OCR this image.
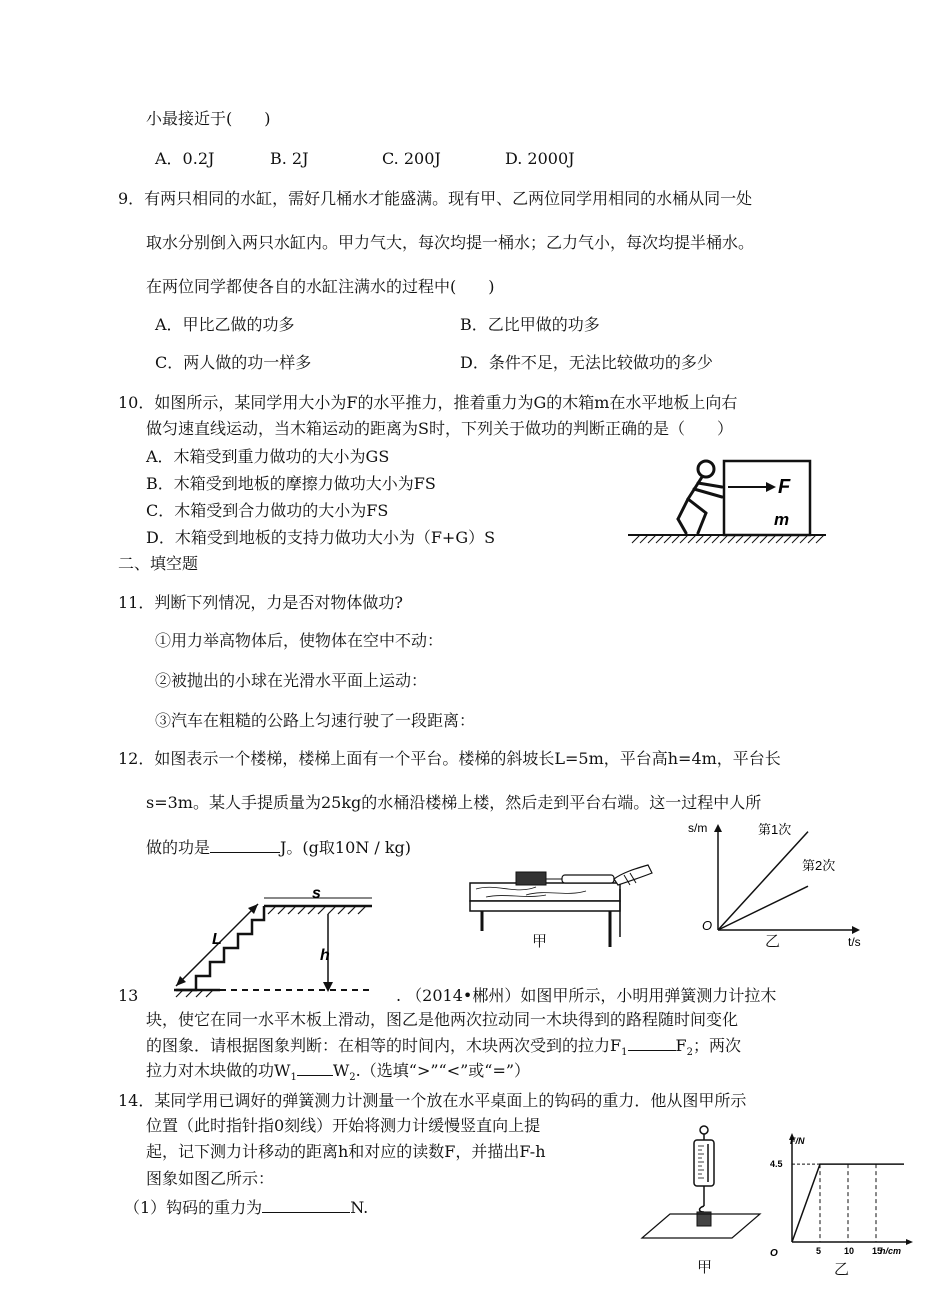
小最接近于(　　)
A．0.2J	B. 2J	C. 200J	D. 2000J
9．有两只相同的水缸，需好几桶水才能盛满。现有甲、乙两位同学用相同的水桶从同一处
取水分别倒入两只水缸内。甲力气大，每次均提一桶水；乙力气小，每次均提半桶水。
在两位同学都使各自的水缸注满水的过程中(　　)
A．甲比乙做的功多	B．乙比甲做的功多
C．两人做的功一样多	D．条件不足，无法比较做功的多少
10．如图所示，某同学用大小为F的水平推力，推着重力为G的木箱m在水平地板上向右
做匀速直线运动，当木箱运动的距离为S时，下列关于做功的判断正确的是（　　）
A．木箱受到重力做功的大小为GS
B．木箱受到地板的摩擦力做功大小为FS
C．木箱受到合力做功的大小为FS
D．木箱受到地板的支持力做功大小为（F+G）S
F
m
二、填空题
11．判断下列情况，力是否对物体做功?
①用力举高物体后，使物体在空中不动：
②被抛出的小球在光滑水平面上运动：
③汽车在粗糙的公路上匀速行驶了一段距离：
12．如图表示一个楼梯，楼梯上面有一个平台。楼梯的斜坡长L=5m，平台高h=4m，平台长
s=3m。某人手提质量为25kg的水桶沿楼梯上楼，然后走到平台右端。这一过程中人所
做的功是	J。(g取10N / kg)
s
h
L	甲
s/m
t/s
O
第1次
第2次
乙
13	. （2014•郴州）如图甲所示，小明用弹簧测力计拉木
块，使它在同一水平木板上滑动，图乙是他两次拉动同一木块得到的路程随时间变化
的图象．请根据图象判断：在相等的时间内，木块两次受到的拉力$F_1$	$F_2$；两次
拉力对木块做的功$W_1$ $W_2$.（选填“>”“<”或“=”）
14．某同学用已调好的弹簧测力计测量一个放在水平桌面上的钩码的重力．他从图甲所示
位置（此时指针指0刻线）开始将测力计缓慢竖直向上提
起，记下测力计移动的距离h和对应的读数F，并描出F-h
图象如图乙所示：
（1）钩码的重力为	N.
甲
F/N
O	h/cm
5	10 15
4.5
乙
